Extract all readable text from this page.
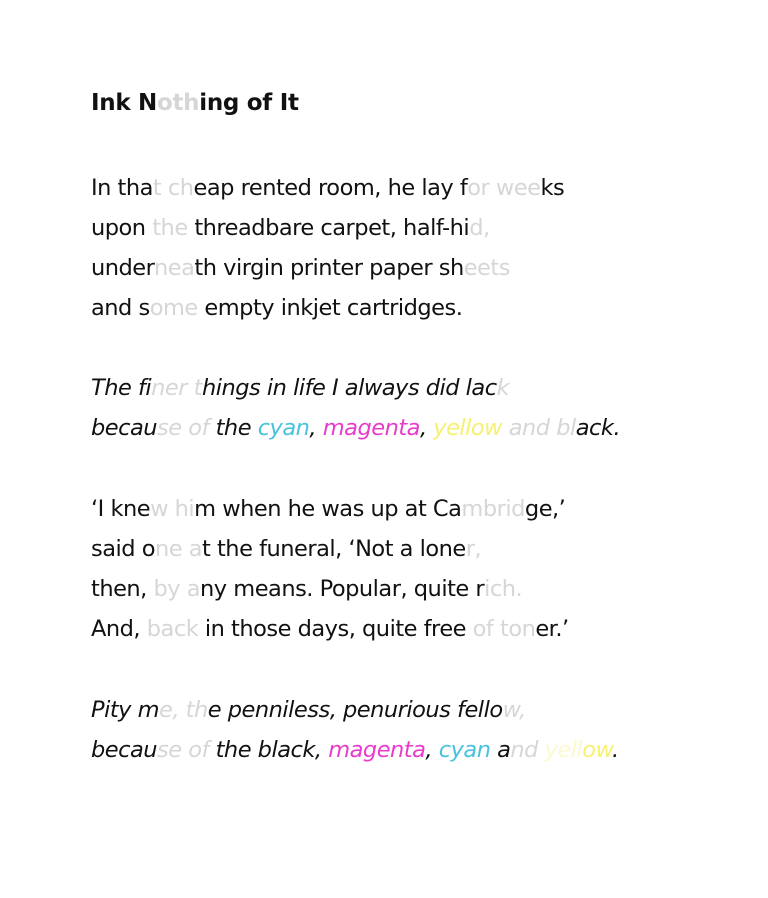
Ink Nothing of It
In that cheap rented room, he lay for weeks
upon the threadbare carpet, half-hid,
underneath virgin printer paper sheets
and some empty inkjet cartridges.
The finer things in life I always did lack
because of the cyan, magenta, yellow and black.
‘I knew him when he was up at Cambridge,’
said one at the funeral, ‘Not a loner,
then, by any means. Popular, quite rich.
And, back in those days, quite free of toner.’
Pity me, the penniless, penurious fellow,
because of the black, magenta, cyan and yellow.
